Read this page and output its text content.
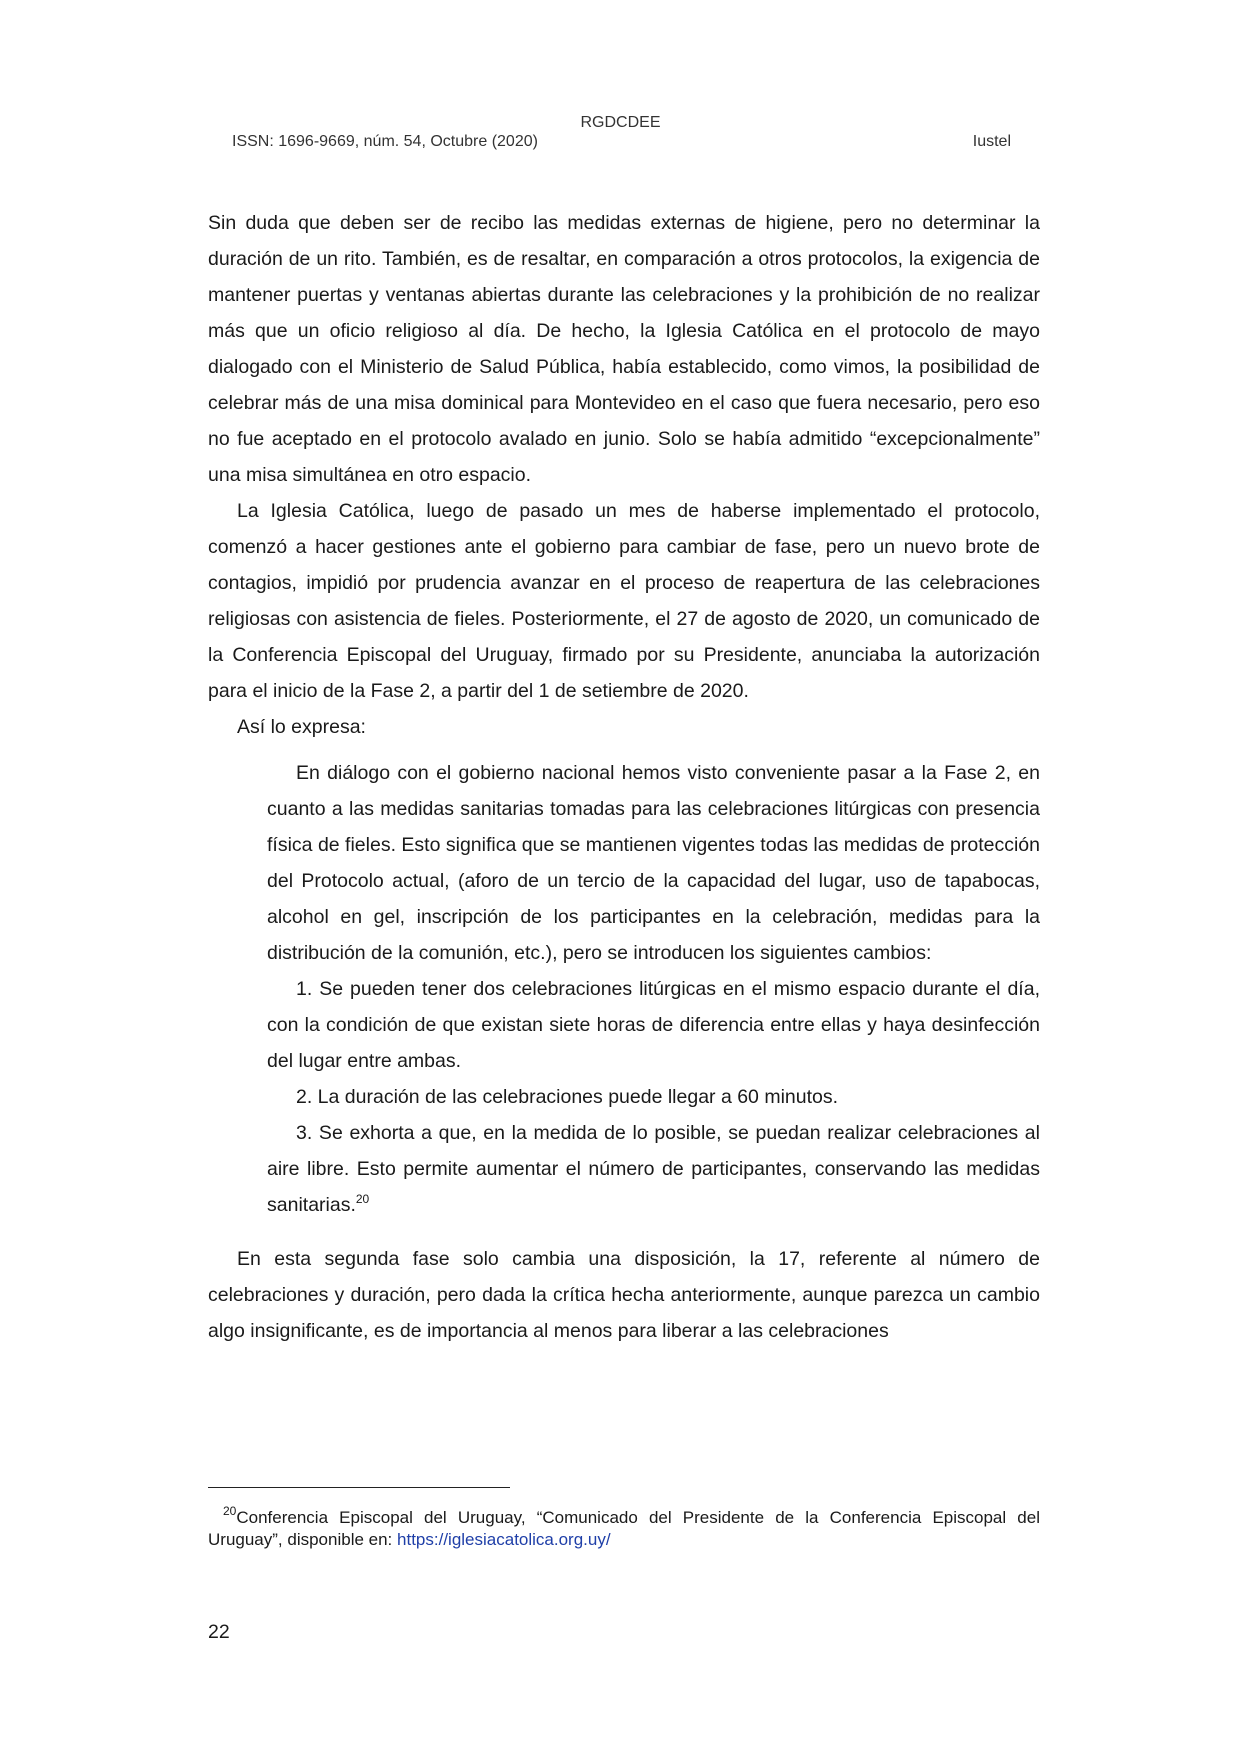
RGDCDEE
ISSN: 1696-9669, núm. 54, Octubre (2020)	Iustel

Sin duda que deben ser de recibo las medidas externas de higiene, pero no determinar la duración de un rito. También, es de resaltar, en comparación a otros protocolos, la exigencia de mantener puertas y ventanas abiertas durante las celebraciones y la prohibición de no realizar más que un oficio religioso al día. De hecho, la Iglesia Católica en el protocolo de mayo dialogado con el Ministerio de Salud Pública, había establecido, como vimos, la posibilidad de celebrar más de una misa dominical para Montevideo en el caso que fuera necesario, pero eso no fue aceptado en el protocolo avalado en junio. Solo se había admitido “excepcionalmente” una misa simultánea en otro espacio.

La Iglesia Católica, luego de pasado un mes de haberse implementado el protocolo, comenzó a hacer gestiones ante el gobierno para cambiar de fase, pero un nuevo brote de contagios, impidió por prudencia avanzar en el proceso de reapertura de las celebraciones religiosas con asistencia de fieles. Posteriormente, el 27 de agosto de 2020, un comunicado de la Conferencia Episcopal del Uruguay, firmado por su Presidente, anunciaba la autorización para el inicio de la Fase 2, a partir del 1 de setiembre de 2020.

Así lo expresa:

En diálogo con el gobierno nacional hemos visto conveniente pasar a la Fase 2, en cuanto a las medidas sanitarias tomadas para las celebraciones litúrgicas con presencia física de fieles. Esto significa que se mantienen vigentes todas las medidas de protección del Protocolo actual, (aforo de un tercio de la capacidad del lugar, uso de tapabocas, alcohol en gel, inscripción de los participantes en la celebración, medidas para la distribución de la comunión, etc.), pero se introducen los siguientes cambios:

1. Se pueden tener dos celebraciones litúrgicas en el mismo espacio durante el día, con la condición de que existan siete horas de diferencia entre ellas y haya desinfección del lugar entre ambas.

2. La duración de las celebraciones puede llegar a 60 minutos.

3. Se exhorta a que, en la medida de lo posible, se puedan realizar celebraciones al aire libre. Esto permite aumentar el número de participantes, conservando las medidas sanitarias.$^{20}$

En esta segunda fase solo cambia una disposición, la 17, referente al número de celebraciones y duración, pero dada la crítica hecha anteriormente, aunque parezca un cambio algo insignificante, es de importancia al menos para liberar a las celebraciones

$^{20}$Conferencia Episcopal del Uruguay, “Comunicado del Presidente de la Conferencia Episcopal del Uruguay”, disponible en: https://iglesiacatolica.org.uy/
22
